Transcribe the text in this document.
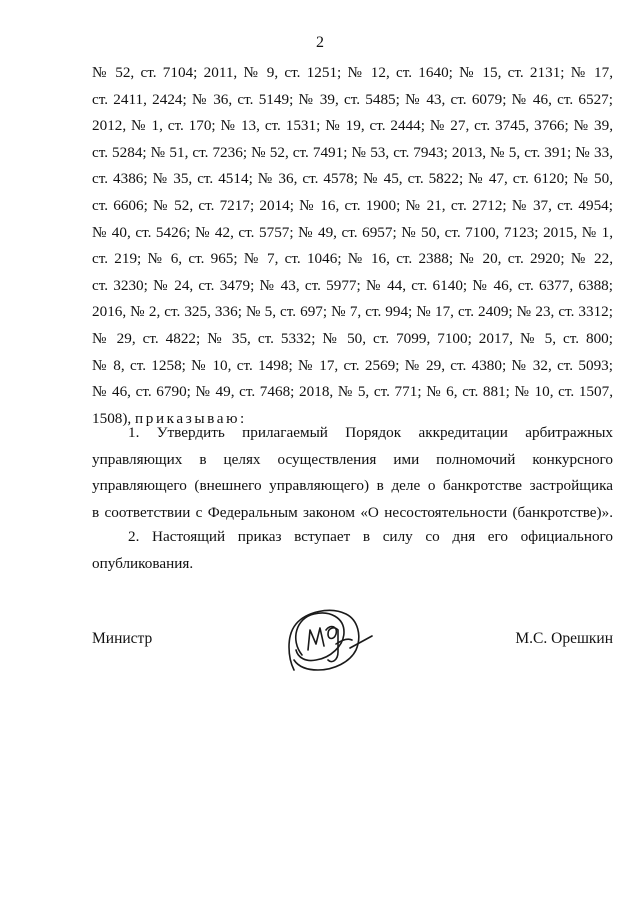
2
№ 52, ст. 7104; 2011, № 9, ст. 1251; № 12, ст. 1640; № 15, ст. 2131; № 17,
ст. 2411, 2424; № 36, ст. 5149; № 39, ст. 5485; № 43, ст. 6079; № 46, ст. 6527;
2012, № 1, ст. 170; № 13, ст. 1531; № 19, ст. 2444; № 27, ст. 3745, 3766; № 39,
ст. 5284; № 51, ст. 7236; № 52, ст. 7491; № 53, ст. 7943; 2013, № 5, ст. 391; № 33,
ст. 4386; № 35, ст. 4514; № 36, ст. 4578; № 45, ст. 5822; № 47, ст. 6120; № 50,
ст. 6606; № 52, ст. 7217; 2014; № 16, ст. 1900; № 21, ст. 2712; № 37, ст. 4954;
№ 40, ст. 5426; № 42, ст. 5757; № 49, ст. 6957; № 50, ст. 7100, 7123; 2015, № 1,
ст. 219; № 6, ст. 965; № 7, ст. 1046; № 16, ст. 2388; № 20, ст. 2920; № 22,
ст. 3230; № 24, ст. 3479; № 43, ст. 5977; № 44, ст. 6140; № 46, ст. 6377, 6388;
2016, № 2, ст. 325, 336; № 5, ст. 697; № 7, ст. 994; № 17, ст. 2409; № 23, ст. 3312;
№ 29, ст. 4822; № 35, ст. 5332; № 50, ст. 7099, 7100; 2017, № 5, ст. 800;
№ 8, ст. 1258; № 10, ст. 1498; № 17, ст. 2569; № 29, ст. 4380; № 32, ст. 5093;
№ 46, ст. 6790; № 49, ст. 7468; 2018, № 5, ст. 771; № 6, ст. 881; № 10, ст. 1507,
1508), приказываю:
1. Утвердить прилагаемый Порядок аккредитации арбитражных
управляющих в целях осуществления ими полномочий конкурсного
управляющего (внешнего управляющего) в деле о банкротстве застройщика
в соответствии с Федеральным законом «О несостоятельности (банкротстве)».
2. Настоящий приказ вступает в силу со дня его официального
опубликования.
Министр	М.С. Орешкин
